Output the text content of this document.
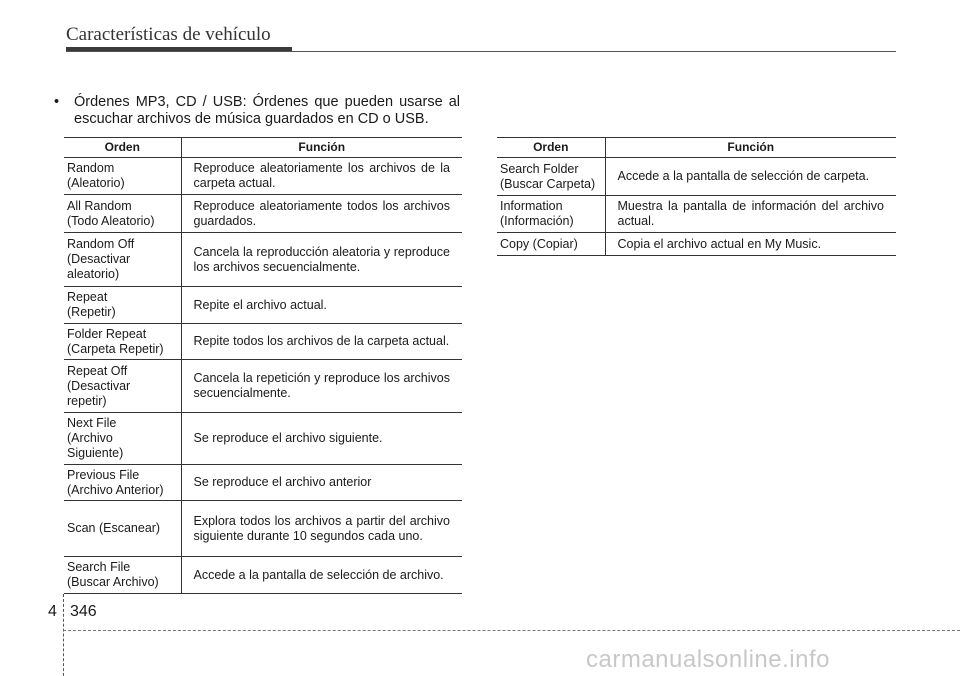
Características de vehículo
• Órdenes MP3, CD / USB: Órdenes que pueden usarse al escuchar archivos de música guardados en CD o USB.
Orden	Función
Random
(Aleatorio)	Reproduce aleatoriamente los archivos de la carpeta actual.
All Random
(Todo Aleatorio)	Reproduce aleatoriamente todos los archivos guardados.
Random Off
(Desactivar
aleatorio)	Cancela la reproducción aleatoria y reproduce los archivos secuencialmente.
Repeat
(Repetir)	Repite el archivo actual.
Folder Repeat
(Carpeta Repetir)	Repite todos los archivos de la carpeta actual.
Repeat Off
(Desactivar
repetir)	Cancela la repetición y reproduce los archivos secuencialmente.
Next File
(Archivo
Siguiente)	Se reproduce el archivo siguiente.
Previous File
(Archivo Anterior)	Se reproduce el archivo anterior
Scan (Escanear)	Explora todos los archivos a partir del archivo siguiente durante 10 segundos cada uno.
Search File
(Buscar Archivo)	Accede a la pantalla de selección de archivo.
Orden	Función
Search Folder
(Buscar Carpeta)	Accede a la pantalla de selección de carpeta.
Information
(Información)	Muestra la pantalla de información del archivo actual.
Copy (Copiar)	Copia el archivo actual en My Music.
4 346
carmanualsonline.info
